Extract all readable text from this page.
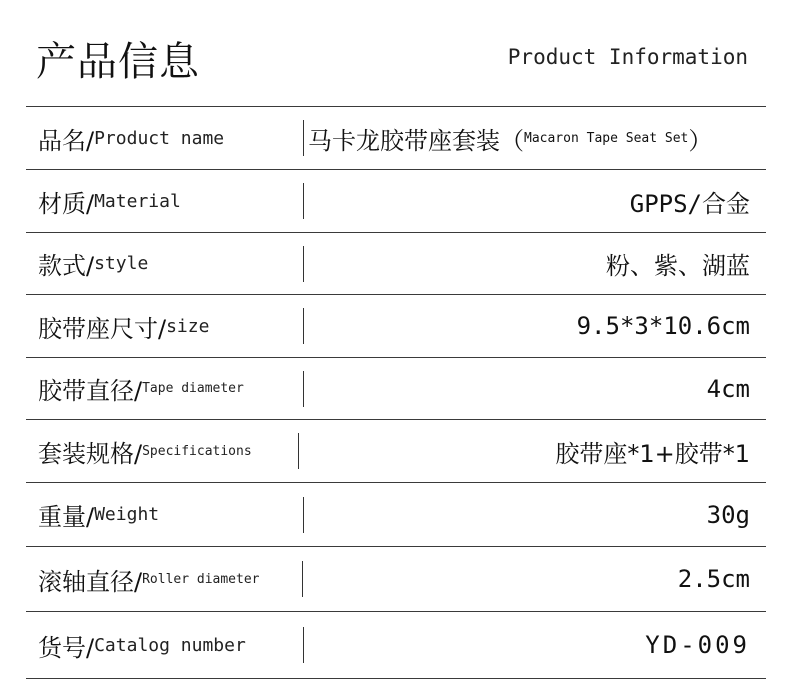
产品信息	Product Information
品名/ Product name	马卡龙胶带座套装 （ Macaron Tape Seat Set ）
材质/ Material	GPPS/合金
款式/ style	粉、紫、湖蓝
胶带座尺寸/ size	9.5*3*10.6cm
胶带直径/ Tape diameter	4cm
套装规格/ Specifications	胶带座*1+胶带*1
重量/ Weight	30g
滚轴直径/ Roller diameter	2.5cm
货号/ Catalog number	YD-009
